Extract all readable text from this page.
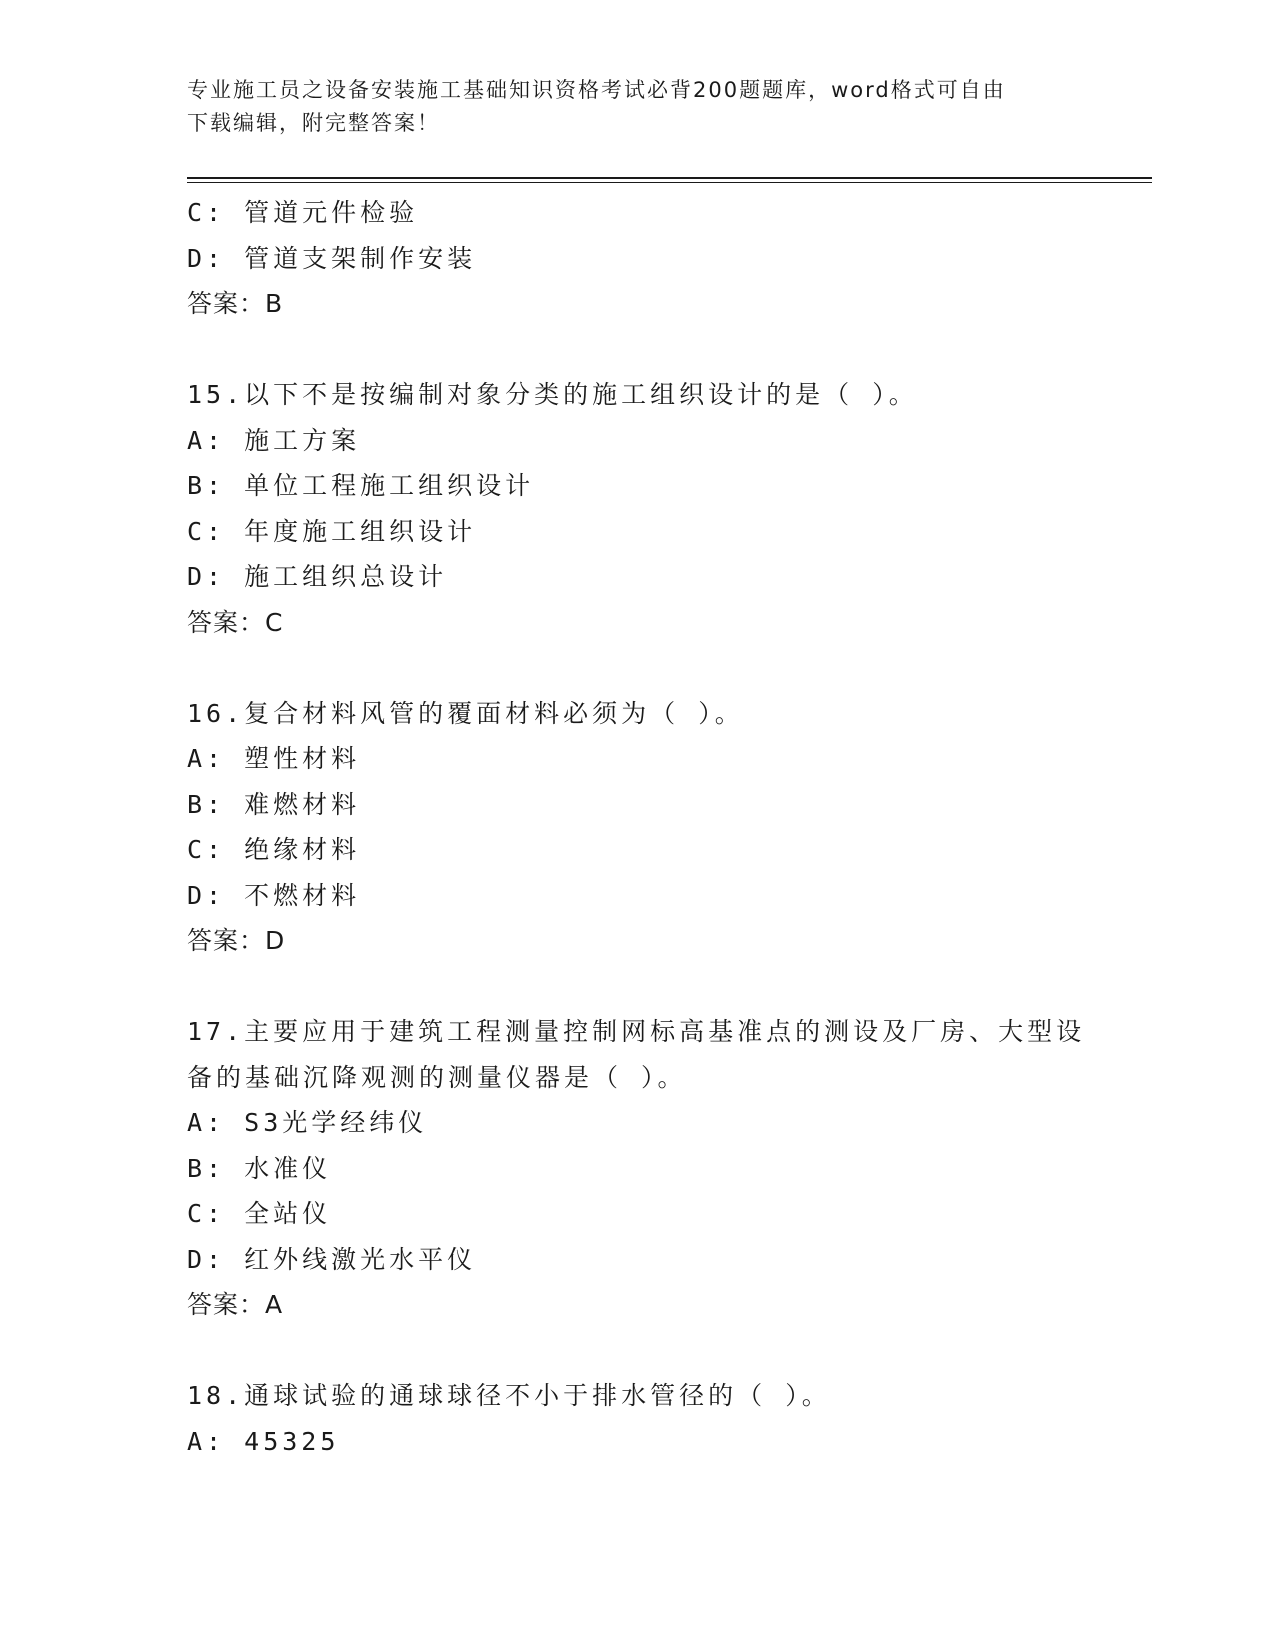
专业施工员之设备安装施工基础知识资格考试必背200题题库，word格式可自由
下载编辑，附完整答案！
C: 管道元件检验
D: 管道支架制作安装
答案：B
15.以下不是按编制对象分类的施工组织设计的是（ ）。
A: 施工方案
B: 单位工程施工组织设计
C: 年度施工组织设计
D: 施工组织总设计
答案：C
16.复合材料风管的覆面材料必须为（ ）。
A: 塑性材料
B: 难燃材料
C: 绝缘材料
D: 不燃材料
答案：D
17.主要应用于建筑工程测量控制网标高基准点的测设及厂房、大型设
备的基础沉降观测的测量仪器是（ ）。
A: S3光学经纬仪
B: 水准仪
C: 全站仪
D: 红外线激光水平仪
答案：A
18.通球试验的通球球径不小于排水管径的（ ）。
A: 45325
